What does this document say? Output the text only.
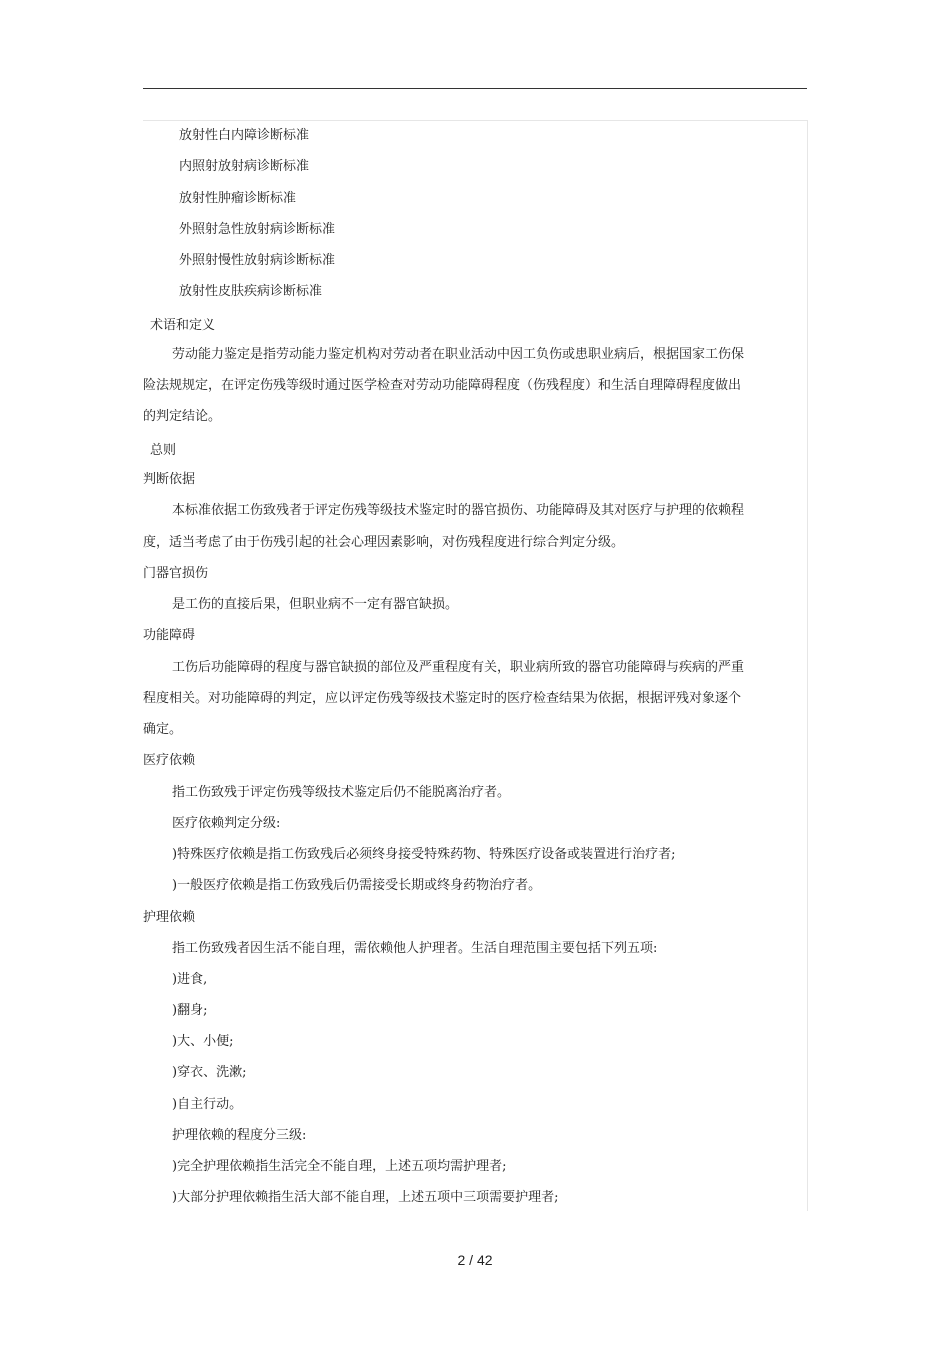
放射性白内障诊断标准
内照射放射病诊断标准
放射性肿瘤诊断标准
外照射急性放射病诊断标准
外照射慢性放射病诊断标准
放射性皮肤疾病诊断标准
术语和定义
劳动能力鉴定是指劳动能力鉴定机构对劳动者在职业活动中因工负伤或患职业病后，根据国家工伤保
险法规规定，在评定伤残等级时通过医学检查对劳动功能障碍程度（伤残程度）和生活自理障碍程度做出
的判定结论。
总则
判断依据
本标准依据工伤致残者于评定伤残等级技术鉴定时的器官损伤、功能障碍及其对医疗与护理的依赖程
度，适当考虑了由于伤残引起的社会心理因素影响，对伤残程度进行综合判定分级。
门器官损伤
是工伤的直接后果，但职业病不一定有器官缺损。
功能障碍
工伤后功能障碍的程度与器官缺损的部位及严重程度有关，职业病所致的器官功能障碍与疾病的严重
程度相关。对功能障碍的判定，应以评定伤残等级技术鉴定时的医疗检查结果为依据，根据评残对象逐个
确定。
医疗依赖
指工伤致残于评定伤残等级技术鉴定后仍不能脱离治疗者。
医疗依赖判定分级:
)特殊医疗依赖是指工伤致残后必须终身接受特殊药物、特殊医疗设备或装置进行治疗者;
)一般医疗依赖是指工伤致残后仍需接受长期或终身药物治疗者。
护理依赖
指工伤致残者因生活不能自理，需依赖他人护理者。生活自理范围主要包括下列五项:
)进食,
)翻身;
)大、小便;
)穿衣、洗漱;
)自主行动。
护理依赖的程度分三级:
)完全护理依赖指生活完全不能自理，上述五项均需护理者;
)大部分护理依赖指生活大部不能自理，上述五项中三项需要护理者;
2 / 42
